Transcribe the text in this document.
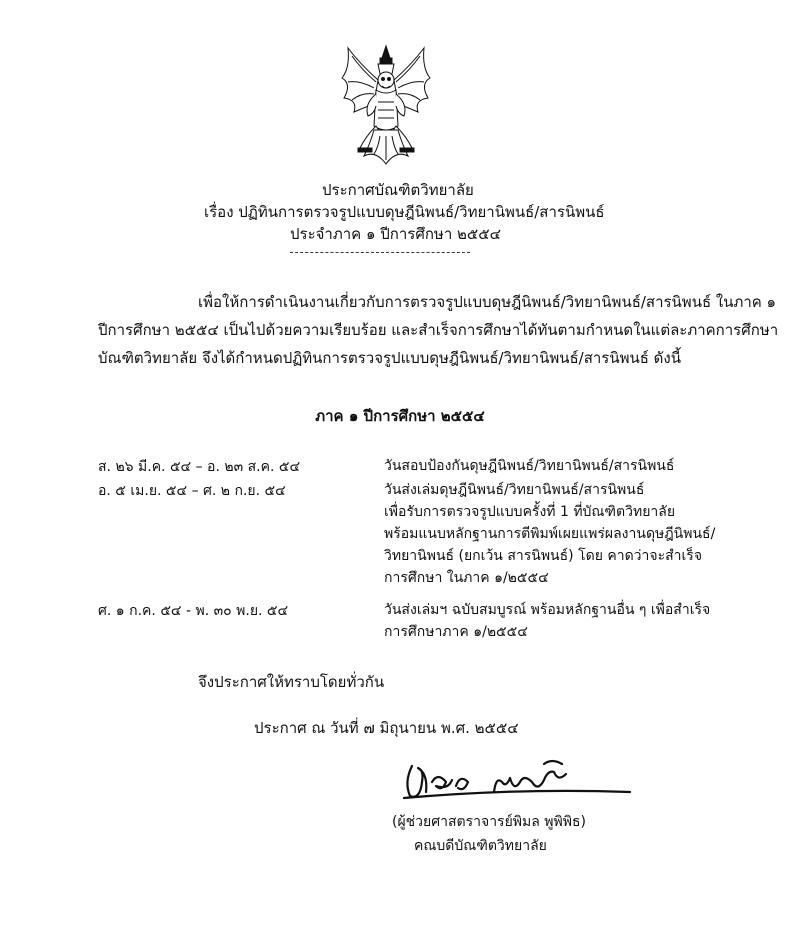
ประกาศบัณฑิตวิทยาลัย
เรื่อง ปฏิทินการตรวจรูปแบบดุษฎีนิพนธ์/วิทยานิพนธ์/สารนิพนธ์
ประจำภาค ๑ ปีการศึกษา ๒๕๕๔
เพื่อให้การดำเนินงานเกี่ยวกับการตรวจรูปแบบดุษฎีนิพนธ์/วิทยานิพนธ์/สารนิพนธ์ ในภาค ๑
ปีการศึกษา ๒๕๕๔ เป็นไปด้วยความเรียบร้อย และสำเร็จการศึกษาได้ทันตามกำหนดในแต่ละภาคการศึกษา
บัณฑิตวิทยาลัย จึงได้กำหนดปฏิทินการตรวจรูปแบบดุษฎีนิพนธ์/วิทยานิพนธ์/สารนิพนธ์ ดังนี้
ภาค ๑ ปีการศึกษา ๒๕๕๔
ส. ๒๖ มี.ค. ๕๔ – อ. ๒๓ ส.ค. ๕๔	วันสอบป้องกันดุษฎีนิพนธ์/วิทยานิพนธ์/สารนิพนธ์
อ. ๕ เม.ย. ๕๔ – ศ. ๒ ก.ย. ๕๔	วันส่งเล่มดุษฎีนิพนธ์/วิทยานิพนธ์/สารนิพนธ์
เพื่อรับการตรวจรูปแบบครั้งที่ 1 ที่บัณฑิตวิทยาลัย
พร้อมแนบหลักฐานการตีพิมพ์เผยแพร่ผลงานดุษฎีนิพนธ์/
วิทยานิพนธ์ (ยกเว้น สารนิพนธ์) โดย คาดว่าจะสำเร็จ
การศึกษา ในภาค ๑/๒๕๕๔
ศ. ๑ ก.ค. ๕๔ - พ. ๓๐ พ.ย. ๕๔	วันส่งเล่มฯ ฉบับสมบูรณ์ พร้อมหลักฐานอื่น ๆ เพื่อสำเร็จ
การศึกษาภาค ๑/๒๕๕๔
จึงประกาศให้ทราบโดยทั่วกัน
ประกาศ ณ วันที่ ๗ มิถุนายน พ.ศ. ๒๕๕๔
(ผู้ช่วยศาสตราจารย์พิมล พูพิพิธ)
คณบดีบัณฑิตวิทยาลัย
